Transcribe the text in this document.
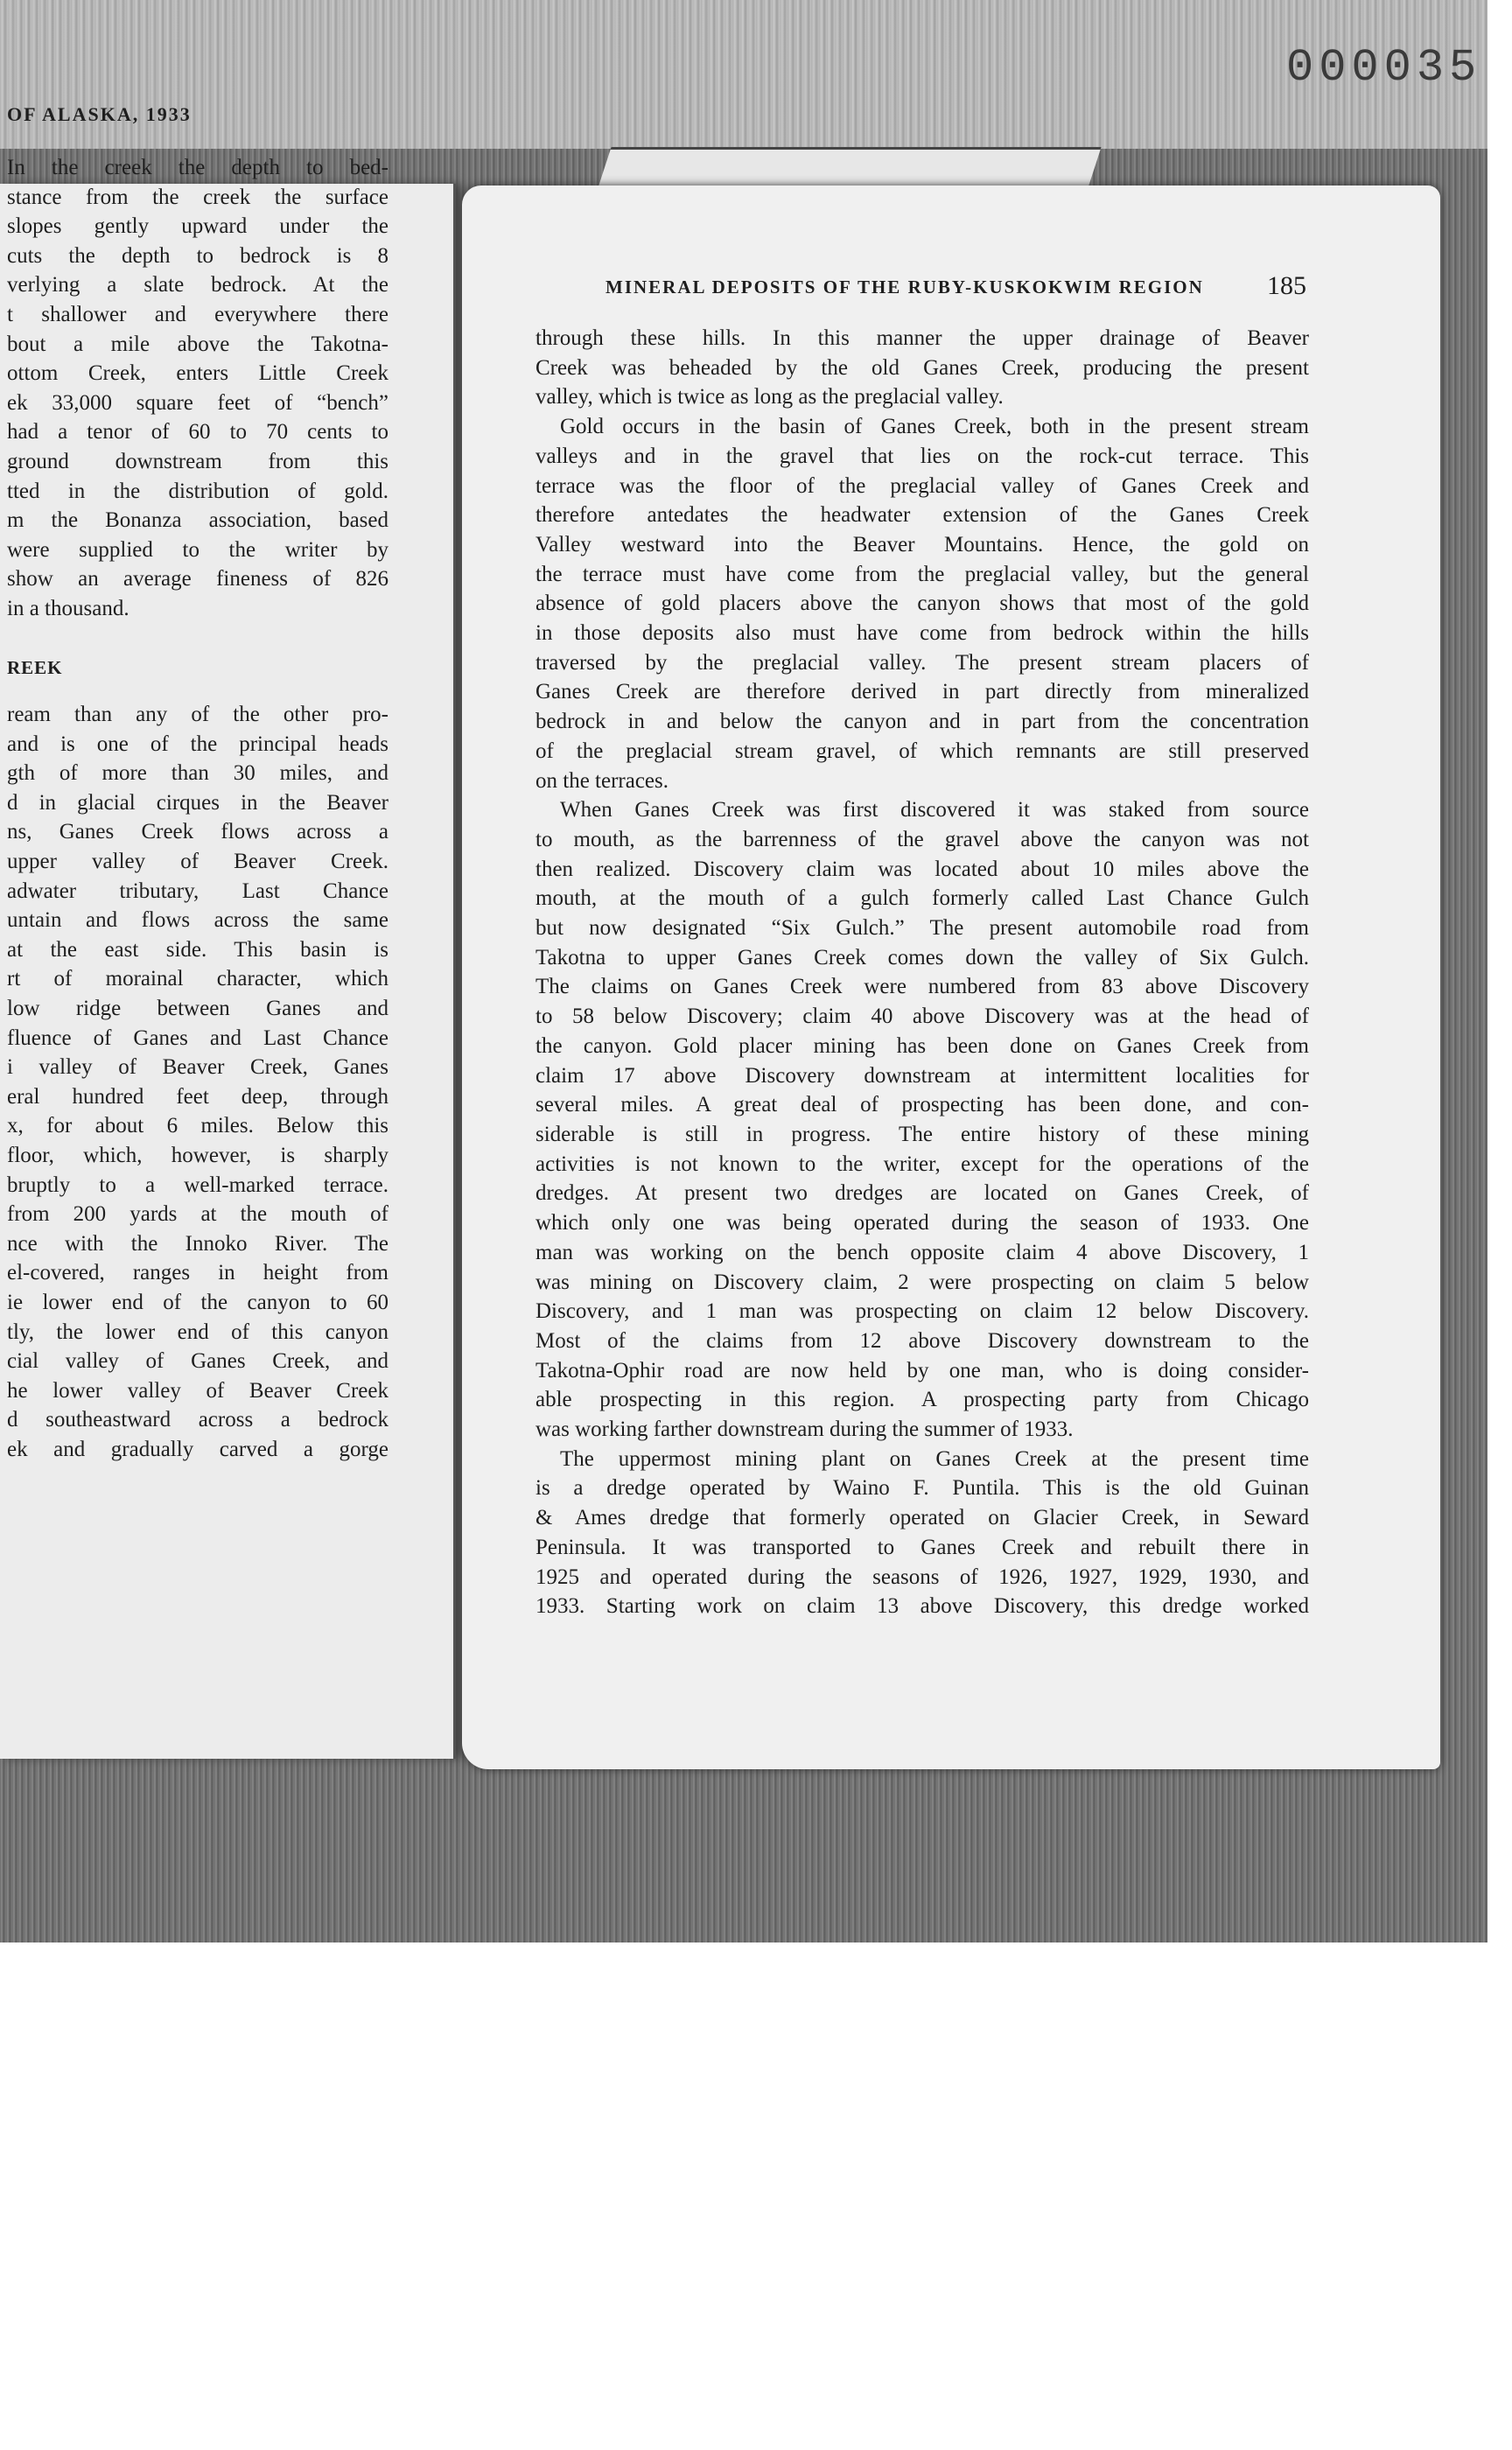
000035
OF ALASKA, 1933

In the creek the depth to bed-

stance from the creek the surface

slopes gently upward under the

cuts the depth to bedrock is 8

verlying a slate bedrock. At the

t shallower and everywhere there

bout a mile above the Takotna-

ottom Creek, enters Little Creek

ek 33,000 square feet of “bench”

had a tenor of 60 to 70 cents to

ground downstream from this

tted in the distribution of gold.

m the Bonanza association, based

were supplied to the writer by

show an average fineness of 826

in a thousand.

REEK

ream than any of the other pro-

and is one of the principal heads

gth of more than 30 miles, and

d in glacial cirques in the Beaver

ns, Ganes Creek flows across a

upper valley of Beaver Creek.

adwater tributary, Last Chance

untain and flows across the same

at the east side. This basin is

rt of morainal character, which

low ridge between Ganes and

fluence of Ganes and Last Chance

i valley of Beaver Creek, Ganes

eral hundred feet deep, through

x, for about 6 miles. Below this

floor, which, however, is sharply

bruptly to a well-marked terrace.

from 200 yards at the mouth of

nce with the Innoko River. The

el-covered, ranges in height from

ie lower end of the canyon to 60

tly, the lower end of this canyon

cial valley of Ganes Creek, and

he lower valley of Beaver Creek

d southeastward across a bedrock

ek and gradually carved a gorge

MINERAL DEPOSITS OF THE RUBY-KUSKOKWIM REGION 185
through these hills. In this manner the upper drainage of Beaver
Creek was beheaded by the old Ganes Creek, producing the present
valley, which is twice as long as the preglacial valley.
Gold occurs in the basin of Ganes Creek, both in the present stream
valleys and in the gravel that lies on the rock-cut terrace. This
terrace was the floor of the preglacial valley of Ganes Creek and
therefore antedates the headwater extension of the Ganes Creek
Valley westward into the Beaver Mountains. Hence, the gold on
the terrace must have come from the preglacial valley, but the general
absence of gold placers above the canyon shows that most of the gold
in those deposits also must have come from bedrock within the hills
traversed by the preglacial valley. The present stream placers of
Ganes Creek are therefore derived in part directly from mineralized
bedrock in and below the canyon and in part from the concentration
of the preglacial stream gravel, of which remnants are still preserved
on the terraces.
When Ganes Creek was first discovered it was staked from source
to mouth, as the barrenness of the gravel above the canyon was not
then realized. Discovery claim was located about 10 miles above the
mouth, at the mouth of a gulch formerly called Last Chance Gulch
but now designated “Six Gulch.” The present automobile road from
Takotna to upper Ganes Creek comes down the valley of Six Gulch.
The claims on Ganes Creek were numbered from 83 above Discovery
to 58 below Discovery; claim 40 above Discovery was at the head of
the canyon. Gold placer mining has been done on Ganes Creek from
claim 17 above Discovery downstream at intermittent localities for
several miles. A great deal of prospecting has been done, and con-
siderable is still in progress. The entire history of these mining
activities is not known to the writer, except for the operations of the
dredges. At present two dredges are located on Ganes Creek, of
which only one was being operated during the season of 1933. One
man was working on the bench opposite claim 4 above Discovery, 1
was mining on Discovery claim, 2 were prospecting on claim 5 below
Discovery, and 1 man was prospecting on claim 12 below Discovery.
Most of the claims from 12 above Discovery downstream to the
Takotna-Ophir road are now held by one man, who is doing consider-
able prospecting in this region. A prospecting party from Chicago
was working farther downstream during the summer of 1933.
The uppermost mining plant on Ganes Creek at the present time
is a dredge operated by Waino F. Puntila. This is the old Guinan
& Ames dredge that formerly operated on Glacier Creek, in Seward
Peninsula. It was transported to Ganes Creek and rebuilt there in
1925 and operated during the seasons of 1926, 1927, 1929, 1930, and
1933. Starting work on claim 13 above Discovery, this dredge worked
